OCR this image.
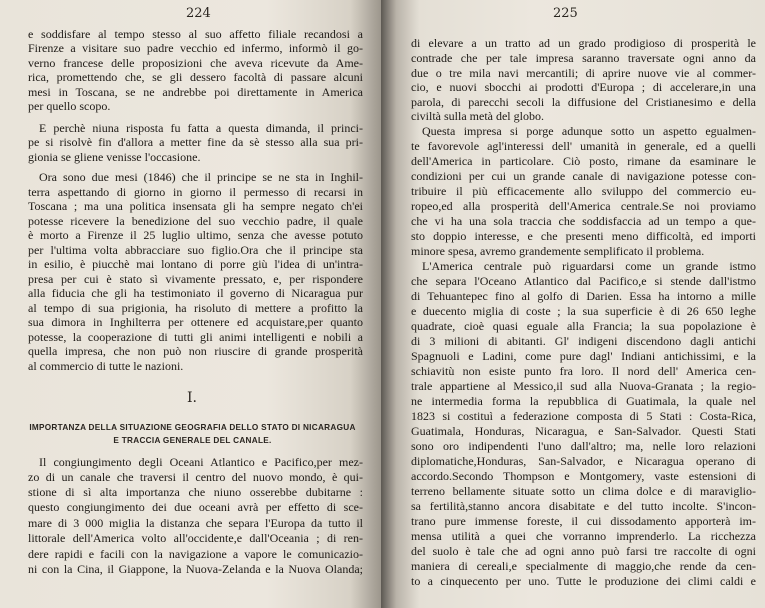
224
e soddisfare al tempo stesso al suo affetto filiale recandosi a
Firenze a visitare suo padre vecchio ed infermo, informò il go-
verno francese delle proposizioni che aveva ricevute da Ame-
rica, promettendo che, se gli dessero facoltà di passare alcuni
mesi in Toscana, se ne andrebbe poi direttamente in America
per quello scopo.
E perchè niuna risposta fu fatta a questa dimanda, il princi-
pe si risolvè fin d'allora a metter fine da sè stesso alla sua pri-
gionia se gliene venisse l'occasione.
Ora sono due mesi (1846) che il principe se ne sta in Inghil-
terra aspettando di giorno in giorno il permesso di recarsi in
Toscana ; ma una politica insensata gli ha sempre negato ch'ei
potesse ricevere la benedizione del suo vecchio padre, il quale
è morto a Firenze il 25 luglio ultimo, senza che avesse potuto
per l'ultima volta abbracciare suo figlio.Ora che il principe sta
in esilio, è piucchè mai lontano di porre giù l'idea di un'intra-
presa per cui è stato sì vivamente pressato, e, per rispondere
alla fiducia che gli ha testimoniato il governo di Nicaragua pur
al tempo di sua prigionia, ha risoluto di mettere a profitto la
sua dimora in Inghilterra per ottenere ed acquistare,per quanto
potesse, la cooperazione di tutti gli animi intelligenti e nobili a
quella impresa, che non può non riuscire di grande prosperità
al commercio di tutte le nazioni.
I.
IMPORTANZA DELLA SITUAZIONE GEOGRAFIA DELLO STATO DI NICARAGUA
E TRACCIA GENERALE DEL CANALE.
Il congiungimento degli Oceani Atlantico e Pacifico,per mez-
zo di un canale che traversi il centro del nuovo mondo, è qui-
stione di sì alta importanza che niuno osserebbe dubitarne :
questo congiungimento dei due oceani avrà per effetto di sce-
mare di 3 000 miglia la distanza che separa l'Europa da tutto il
littorale dell'America volto all'occidente,e dall'Oceania ; di ren-
dere rapidi e facili con la navigazione a vapore le comunicazio-
ni con la Cina, il Giappone, la Nuova-Zelanda e la Nuova Olanda;
225
di elevare a un tratto ad un grado prodigioso di prosperità le
contrade che per tale impresa saranno traversate ogni anno da
due o tre mila navi mercantili; di aprire nuove vie al commer-
cio, e nuovi sbocchi ai prodotti d'Europa ; di accelerare,in una
parola, di parecchi secoli la diffusione del Cristianesimo e della
civiltà sulla metà del globo.
Questa impresa si porge adunque sotto un aspetto egualmen-
te favorevole agl'interessi dell' umanità in generale, ed a quelli
dell'America in particolare. Ciò posto, rimane da esaminare le
condizioni per cui un grande canale di navigazione potesse con-
tribuire il più efficacemente allo sviluppo del commercio eu-
ropeo,ed alla prosperità dell'America centrale.Se noi proviamo
che vi ha una sola traccia che soddisfaccia ad un tempo a que-
sto doppio interesse, e che presenti meno difficoltà, ed importi
minore spesa, avremo grandemente semplificato il problema.
L'America centrale può riguardarsi come un grande istmo
che separa l'Oceano Atlantico dal Pacifico,e si stende dall'istmo
di Tehuantepec fino al golfo di Darien. Essa ha intorno a mille
e duecento miglia di coste ; la sua superficie è di 26 650 leghe
quadrate, cioè quasi eguale alla Francia; la sua popolazione è
di 3 milioni di abitanti. Gl' indigeni discendono dagli antichi
Spagnuoli e Ladini, come pure dagl' Indiani antichissimi, e la
schiavitù non esiste punto fra loro. Il nord dell' America cen-
trale appartiene al Messico,il sud alla Nuova-Granata ; la regio-
ne intermedia forma la repubblica di Guatimala, la quale nel
1823 si costituì a federazione composta di 5 Stati : Costa-Rica,
Guatimala, Honduras, Nicaragua, e San-Salvador. Questi Stati
sono oro indipendenti l'uno dall'altro; ma, nelle loro relazioni
diplomatiche,Honduras, San-Salvador, e Nicaragua operano di
accordo.Secondo Thompson e Montgomery, vaste estensioni di
terreno bellamente situate sotto un clima dolce e di maraviglio-
sa fertilità,stanno ancora disabitate e del tutto incolte. S'incon-
trano pure immense foreste, il cui dissodamento apporterà im-
mensa utilità a quei che vorranno imprenderlo. La ricchezza
del suolo è tale che ad ogni anno può farsi tre raccolte di ogni
maniera di cereali,e specialmente di maggio,che rende da cen-
to a cinquecento per uno. Tutte le produzione dei climi caldi e
